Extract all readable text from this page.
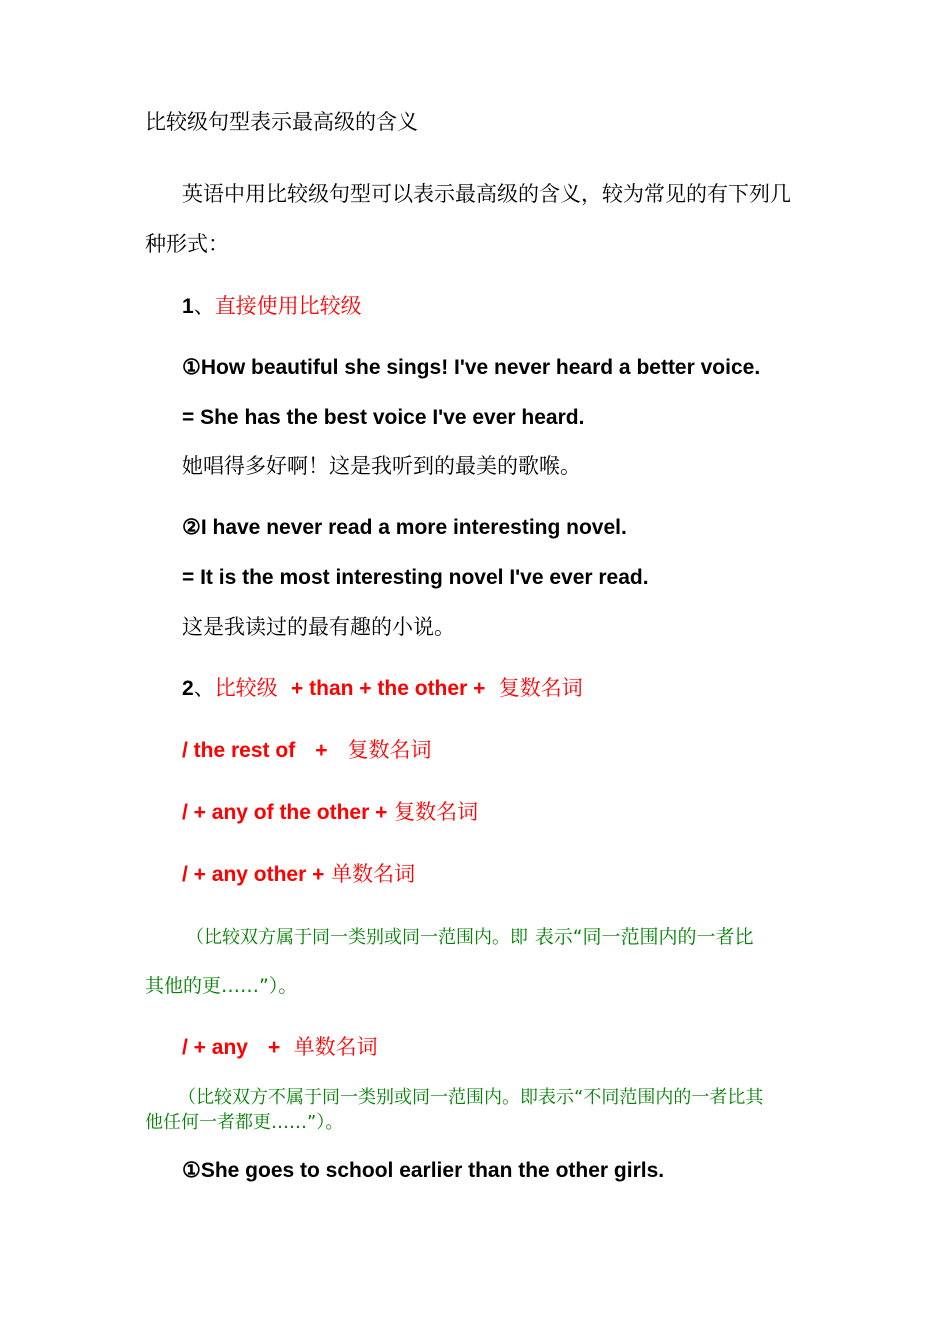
比较级句型表示最高级的含义
英语中用比较级句型可以表示最高级的含义，较为常见的有下列几
种形式：
1、直接使用比较级
①How beautiful she sings! I've never heard a better voice.
= She has the best voice I've ever heard.
她唱得多好啊！这是我听到的最美的歌喉。
②I have never read a more interesting novel.
= It is the most interesting novel I've ever read.
这是我读过的最有趣的小说。
2、比较级 + than + the other + 复数名词
/ the rest of + 复数名词
/ + any of the other + 复数名词
/ + any other + 单数名词
（比较双方属于同一类别或同一范围内。即 表示“同一范围内的一者比
其他的更……”）。
/ + any + 单数名词
（比较双方不属于同一类别或同一范围内。即表示“不同范围内的一者比其
他任何一者都更……”）。
①She goes to school earlier than the other girls.
